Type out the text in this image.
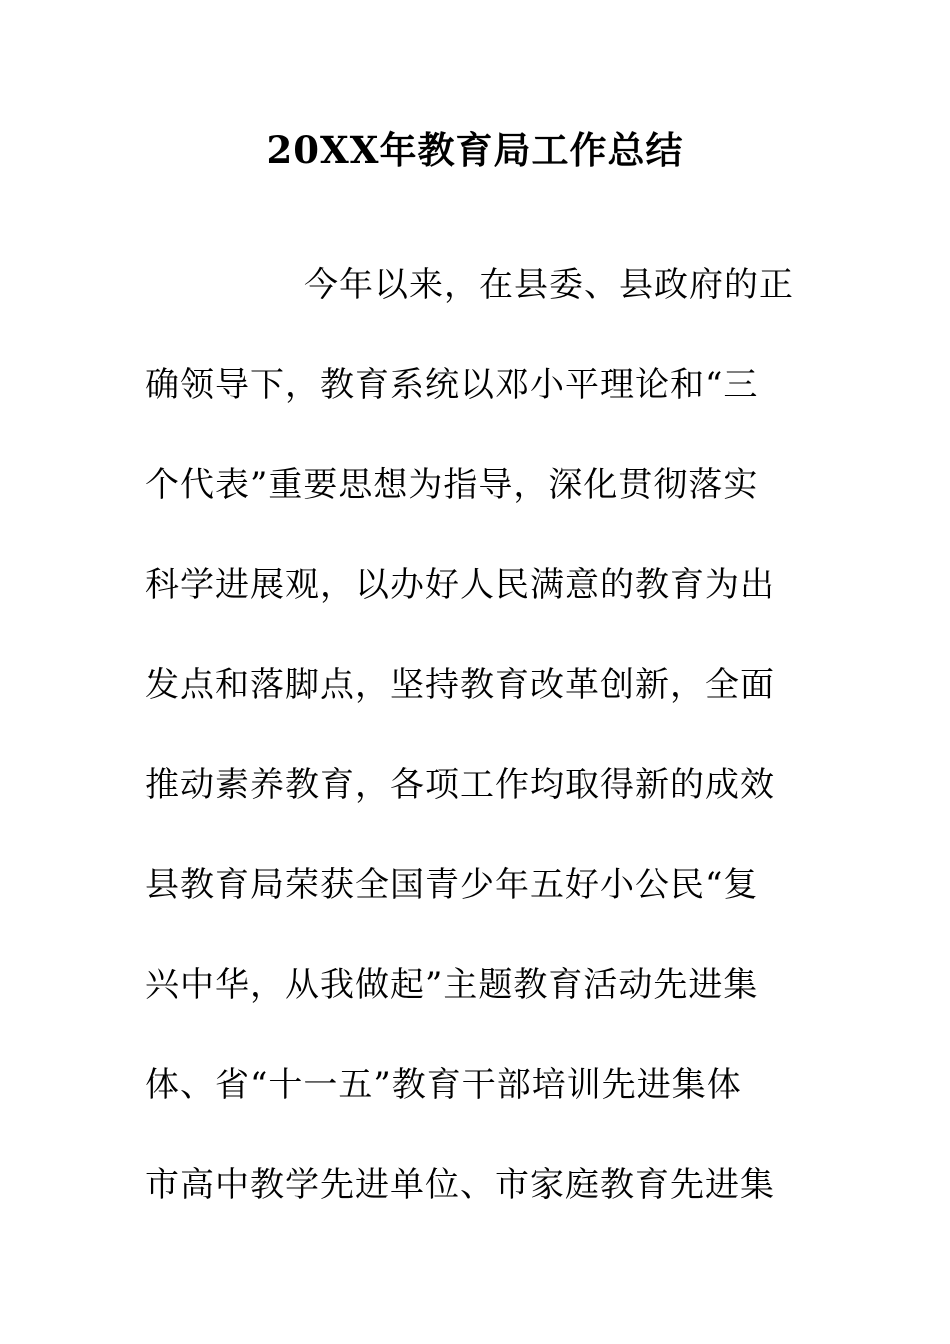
20XX年教育局工作总结
今年以来，在县委、县政府的正
确领导下，教育系统以邓小平理论和“三
个代表”重要思想为指导，深化贯彻落实
科学进展观，以办好人民满意的教育为出
发点和落脚点，坚持教育改革创新，全面
推动素养教育，各项工作均取得新的成效
县教育局荣获全国青少年五好小公民“复
兴中华，从我做起”主题教育活动先进集
体、省“十一五”教育干部培训先进集体
市高中教学先进单位、市家庭教育先进集
